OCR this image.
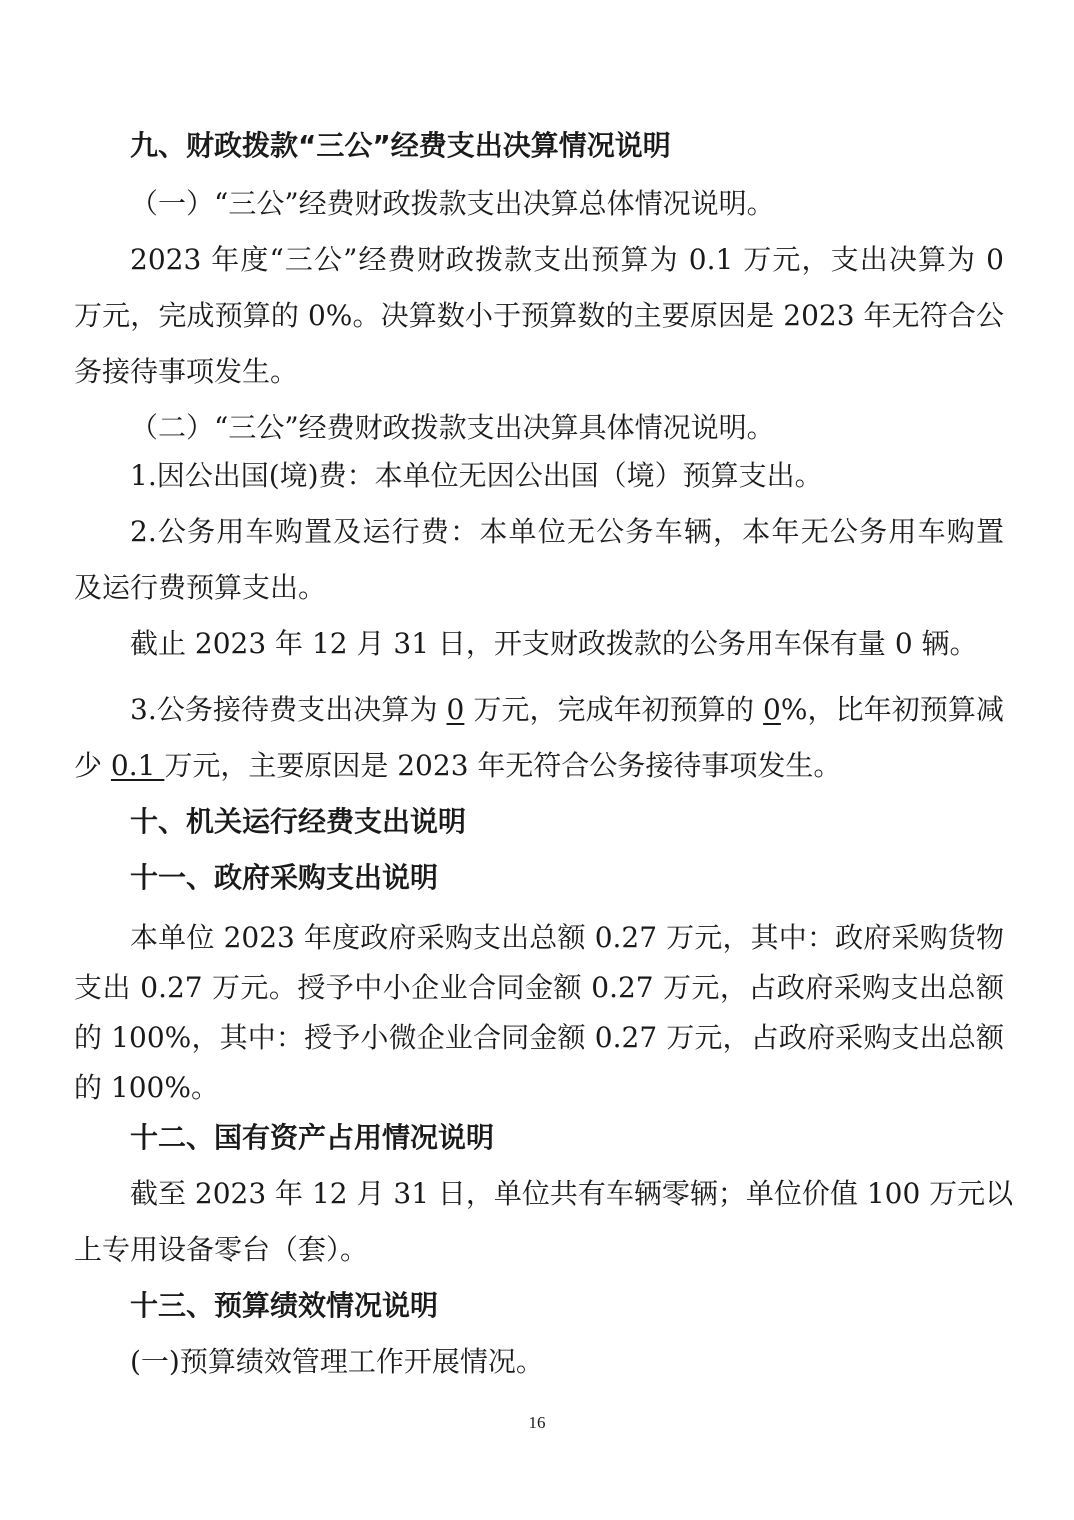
九、财政拨款“三公”经费支出决算情况说明
（一）“三公”经费财政拨款支出决算总体情况说明。
2023 年度“三公”经费财政拨款支出预算为 0.1 万元，支出决算为 0
万元，完成预算的 0%。决算数小于预算数的主要原因是 2023 年无符合公
务接待事项发生。
（二）“三公”经费财政拨款支出决算具体情况说明。
1.因公出国(境)费：本单位无因公出国（境）预算支出。
2.公务用车购置及运行费：本单位无公务车辆，本年无公务用车购置
及运行费预算支出。
截止 2023 年 12 月 31 日，开支财政拨款的公务用车保有量 0 辆。
3.公务接待费支出决算为 0 万元，完成年初预算的 0%，比年初预算减
少 0.1 万元，主要原因是 2023 年无符合公务接待事项发生。
十、机关运行经费支出说明
十一、政府采购支出说明
本单位 2023 年度政府采购支出总额 0.27 万元，其中：政府采购货物
支出 0.27 万元。授予中小企业合同金额 0.27 万元，占政府采购支出总额
的 100%，其中：授予小微企业合同金额 0.27 万元，占政府采购支出总额
的 100%。
十二、国有资产占用情况说明
截至 2023 年 12 月 31 日，单位共有车辆零辆；单位价值 100 万元以
上专用设备零台（套）。
十三、预算绩效情况说明
(一)预算绩效管理工作开展情况。
16
